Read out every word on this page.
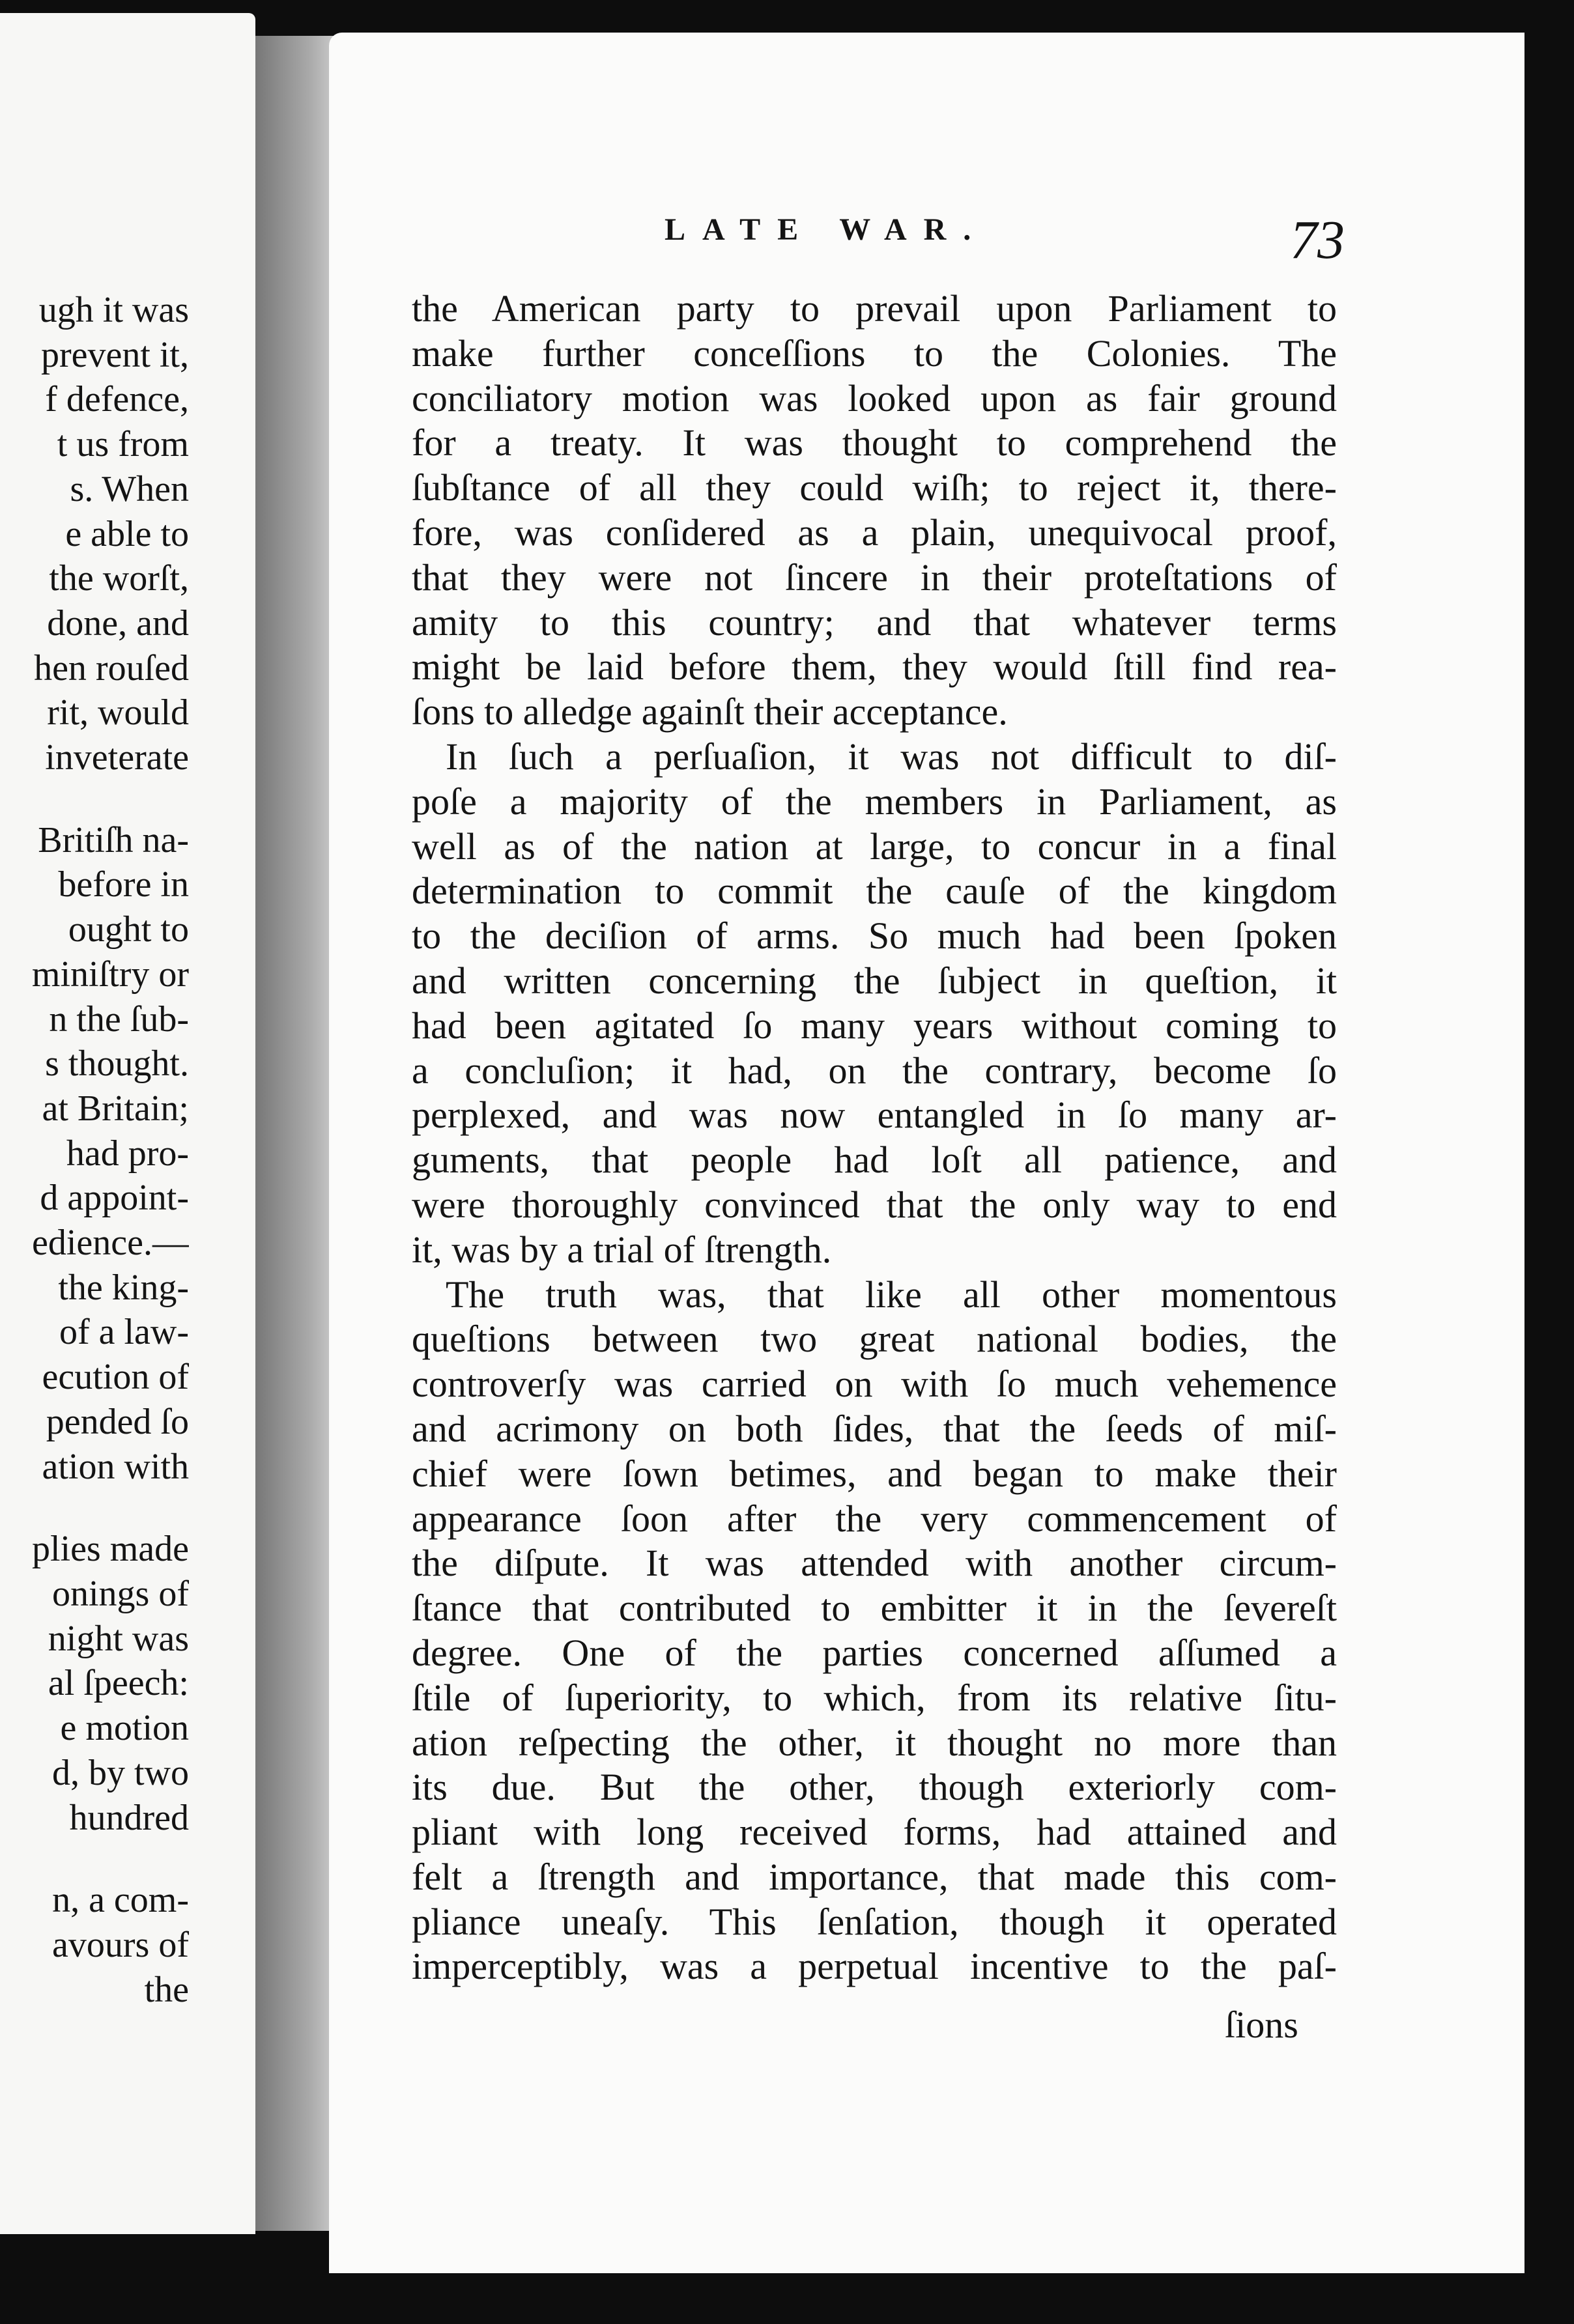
ugh it was
prevent it,
f defence,
t us from
s. When
e able to
the worſt,
done, and
hen rouſed
rit, would
inveterate
Britiſh na-
before in
ought to
miniſtry or
n the ſub-
s thought.
at Britain;
had pro-
d appoint-
edience.—
the king-
of a law-
ecution of
pended ſo
ation with
plies made
onings of
night was
al ſpeech:
e motion
d, by two
hundred
n, a com-
avours of
the
LATE WAR.	73
the American party to prevail upon Parliament to
make further conceſſions to the Colonies. The
conciliatory motion was looked upon as fair ground
for a treaty. It was thought to comprehend the
ſubſtance of all they could wiſh; to reject it, there-
fore, was conſidered as a plain, unequivocal proof,
that they were not ſincere in their proteſtations of
amity to this country; and that whatever terms
might be laid before them, they would ſtill find rea-
ſons to alledge againſt their acceptance.
In ſuch a perſuaſion, it was not difficult to diſ-
poſe a majority of the members in Parliament, as
well as of the nation at large, to concur in a final
determination to commit the cauſe of the kingdom
to the deciſion of arms. So much had been ſpoken
and written concerning the ſubject in queſtion, it
had been agitated ſo many years without coming to
a concluſion; it had, on the contrary, become ſo
perplexed, and was now entangled in ſo many ar-
guments, that people had loſt all patience, and
were thoroughly convinced that the only way to end
it, was by a trial of ſtrength.
The truth was, that like all other momentous
queſtions between two great national bodies, the
controverſy was carried on with ſo much vehemence
and acrimony on both ſides, that the ſeeds of miſ-
chief were ſown betimes, and began to make their
appearance ſoon after the very commencement of
the diſpute. It was attended with another circum-
ſtance that contributed to embitter it in the ſevereſt
degree. One of the parties concerned aſſumed a
ſtile of ſuperiority, to which, from its relative ſitu-
ation reſpecting the other, it thought no more than
its due. But the other, though exteriorly com-
pliant with long received forms, had attained and
felt a ſtrength and importance, that made this com-
pliance uneaſy. This ſenſation, though it operated
imperceptibly, was a perpetual incentive to the paſ-
ſions
